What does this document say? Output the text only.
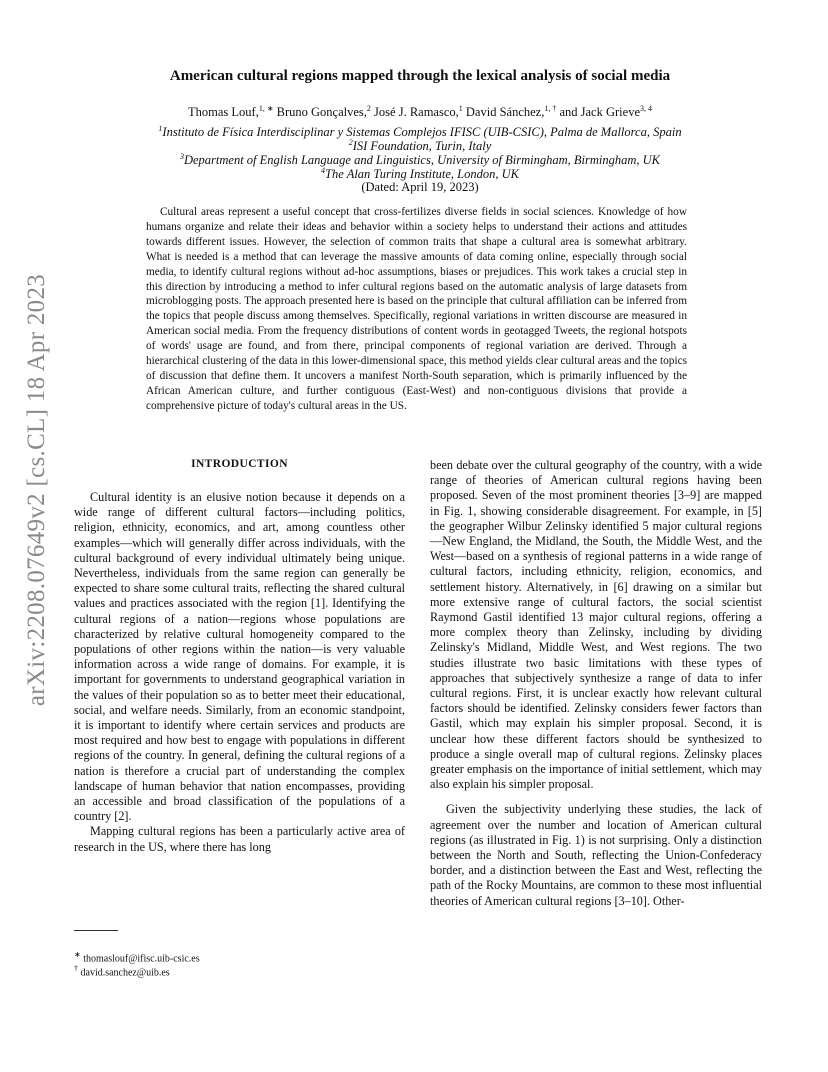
arXiv:2208.07649v2 [cs.CL] 18 Apr 2023
American cultural regions mapped through the lexical analysis of social media
Thomas Louf,$^{1, ∗}$ Bruno Gonçalves,$^2$ José J. Ramasco,$^1$ David Sánchez,$^{1, \dagger}$ and Jack Grieve$^{3, 4}$
$^1$Instituto de Física Interdisciplinar y Sistemas Complejos IFISC (UIB-CSIC), Palma de Mallorca, Spain
$^2$ISI Foundation, Turin, Italy
$^3$Department of English Language and Linguistics, University of Birmingham, Birmingham, UK
$^4$The Alan Turing Institute, London, UK
(Dated: April 19, 2023)

Cultural areas represent a useful concept that cross-fertilizes diverse fields in social sciences. Knowledge of how humans organize and relate their ideas and behavior within a society helps to understand their actions and attitudes towards different issues. However, the selection of common traits that shape a cultural area is somewhat arbitrary. What is needed is a method that can leverage the massive amounts of data coming online, especially through social media, to identify cultural regions without ad-hoc assumptions, biases or prejudices. This work takes a crucial step in this direction by introducing a method to infer cultural regions based on the automatic analysis of large datasets from microblogging posts. The approach presented here is based on the principle that cultural affiliation can be inferred from the topics that people discuss among themselves. Specifically, regional variations in written discourse are measured in American social media. From the frequency distributions of content words in geotagged Tweets, the regional hotspots of words' usage are found, and from there, principal components of regional variation are derived. Through a hierarchical clustering of the data in this lower-dimensional space, this method yields clear cultural areas and the topics of discussion that define them. It uncovers a manifest North-South separation, which is primarily influenced by the African American culture, and further contiguous (East-West) and non-contiguous divisions that provide a comprehensive picture of today's cultural areas in the US.

INTRODUCTION

Cultural identity is an elusive notion because it depends on a wide range of different cultural factors—including politics, religion, ethnicity, economics, and art, among countless other examples—which will generally differ across individuals, with the cultural background of every individual ultimately being unique. Nevertheless, individuals from the same region can generally be expected to share some cultural traits, reflecting the shared cultural values and practices associated with the region [1]. Identifying the cultural regions of a nation—regions whose populations are characterized by relative cultural homogeneity compared to the populations of other regions within the nation—is very valuable information across a wide range of domains. For example, it is important for governments to understand geographical variation in the values of their population so as to better meet their educational, social, and welfare needs. Similarly, from an economic standpoint, it is important to identify where certain services and products are most required and how best to engage with populations in different regions of the country. In general, defining the cultural regions of a nation is therefore a crucial part of understanding the complex landscape of human behavior that nation encompasses, providing an accessible and broad classification of the populations of a country [2].

Mapping cultural regions has been a particularly active area of research in the US, where there has long

been debate over the cultural geography of the country, with a wide range of theories of American cultural regions having been proposed. Seven of the most prominent theories [3–9] are mapped in Fig. 1, showing considerable disagreement. For example, in [5] the geographer Wilbur Zelinsky identified 5 major cultural regions—New England, the Midland, the South, the Middle West, and the West—based on a synthesis of regional patterns in a wide range of cultural factors, including ethnicity, religion, economics, and settlement history. Alternatively, in [6] drawing on a similar but more extensive range of cultural factors, the social scientist Raymond Gastil identified 13 major cultural regions, offering a more complex theory than Zelinsky, including by dividing Zelinsky's Midland, Middle West, and West regions. The two studies illustrate two basic limitations with these types of approaches that subjectively synthesize a range of data to infer cultural regions. First, it is unclear exactly how relevant cultural factors should be identified. Zelinsky considers fewer factors than Gastil, which may explain his simpler proposal. Second, it is unclear how these different factors should be synthesized to produce a single overall map of cultural regions. Zelinsky places greater emphasis on the importance of initial settlement, which may also explain his simpler proposal.

Given the subjectivity underlying these studies, the lack of agreement over the number and location of American cultural regions (as illustrated in Fig. 1) is not surprising. Only a distinction between the North and South, reflecting the Union-Confederacy border, and a distinction between the East and West, reflecting the path of the Rocky Mountains, are common to these most influential theories of American cultural regions [3–10]. Other-

∗ thomaslouf@ifisc.uib-csic.es
† david.sanchez@uib.es
